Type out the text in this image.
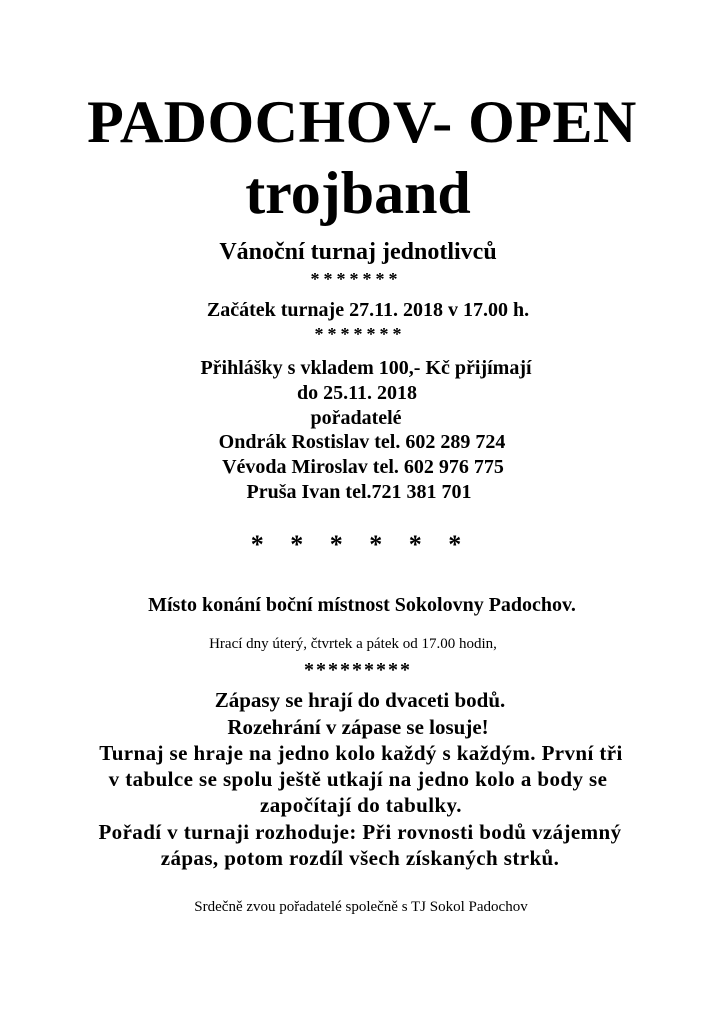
PADOCHOV- OPEN
trojband
Vánoční turnaj jednotlivců
*******
Začátek turnaje 27.11. 2018 v 17.00 h.
*******
Přihlášky s vkladem 100,- Kč přijímají
do 25.11. 2018
pořadatelé
Ondrák Rostislav tel. 602 289 724
Vévoda Miroslav tel. 602 976 775
Pruša Ivan tel.721 381 701
* * * * * *
Místo konání boční místnost Sokolovny Padochov.
Hrací dny úterý, čtvrtek a pátek od 17.00 hodin,
*********
Zápasy se hrají do dvaceti bodů.
Rozehrání v zápase se losuje!
Turnaj se hraje na jedno kolo každý s každým. První tři
v tabulce se spolu ještě utkají na jedno kolo a body se
započítají do tabulky.
Pořadí v turnaji rozhoduje: Při rovnosti bodů vzájemný
zápas, potom rozdíl všech získaných strků.
Srdečně zvou pořadatelé společně s TJ Sokol Padochov
